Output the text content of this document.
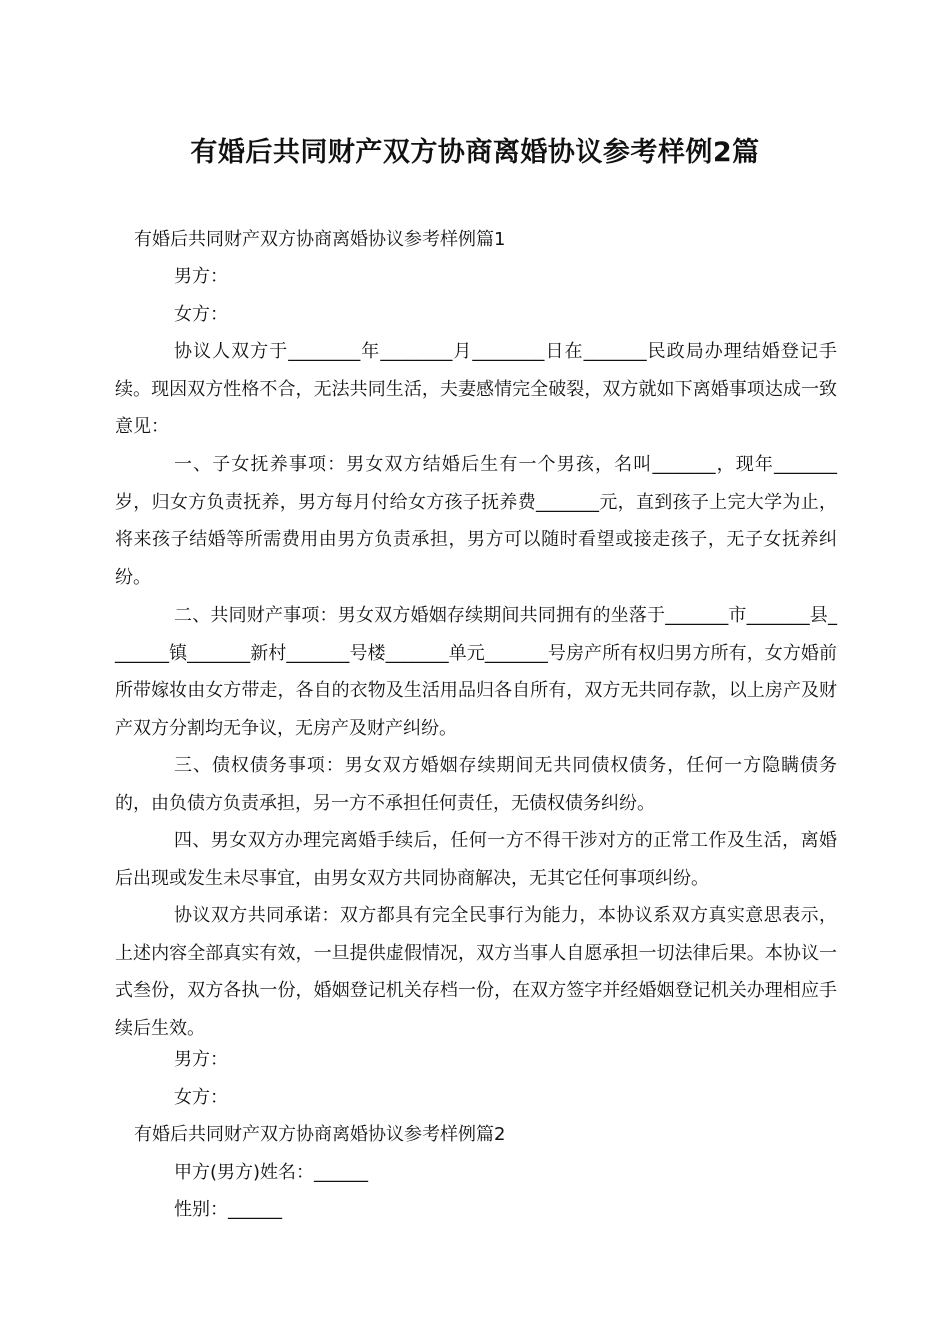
有婚后共同财产双方协商离婚协议参考样例2篇
有婚后共同财产双方协商离婚协议参考样例篇1
男方：
女方：

协议人双方于________年________月________日在_______民政局办理结婚登记手续。现因双方性格不合，无法共同生活，夫妻感情完全破裂，双方就如下离婚事项达成一致意见：

一、子女抚养事项：男女双方结婚后生有一个男孩，名叫_______，现年_______岁，归女方负责抚养，男方每月付给女方孩子抚养费_______元，直到孩子上完大学为止，将来孩子结婚等所需费用由男方负责承担，男方可以随时看望或接走孩子，无子女抚养纠纷。

二、共同财产事项：男女双方婚姻存续期间共同拥有的坐落于_______市_______县_______镇_______新村_______号楼_______单元_______号房产所有权归男方所有，女方婚前所带嫁妆由女方带走，各自的衣物及生活用品归各自所有，双方无共同存款，以上房产及财产双方分割均无争议，无房产及财产纠纷。

三、债权债务事项：男女双方婚姻存续期间无共同债权债务，任何一方隐瞒债务的，由负债方负责承担，另一方不承担任何责任，无债权债务纠纷。

四、男女双方办理完离婚手续后，任何一方不得干涉对方的正常工作及生活，离婚后出现或发生未尽事宜，由男女双方共同协商解决，无其它任何事项纠纷。

协议双方共同承诺：双方都具有完全民事行为能力，本协议系双方真实意思表示，上述内容全部真实有效，一旦提供虚假情况，双方当事人自愿承担一切法律后果。本协议一式叁份，双方各执一份，婚姻登记机关存档一份，在双方签字并经婚姻登记机关办理相应手续后生效。

男方：
女方：
有婚后共同财产双方协商离婚协议参考样例篇2
甲方(男方)姓名：______
性别：______
